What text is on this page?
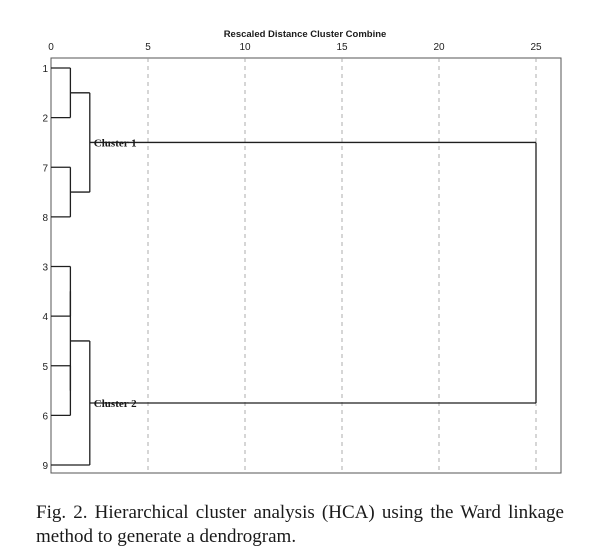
Rescaled Distance Cluster Combine
0	5	10	15	20	25
1
2
7
8
3
4
5
6
9
Cluster 1
Cluster 2
Fig. 2. Hierarchical cluster analysis (HCA) using the Ward linkage method to generate a dendrogram.
